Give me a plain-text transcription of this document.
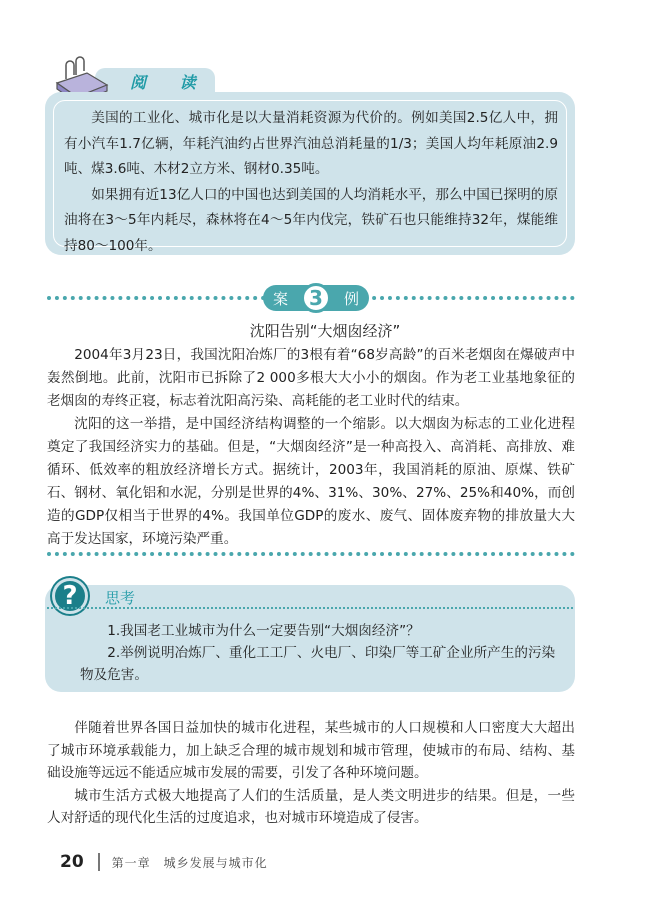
阅 读

美国的工业化、城市化是以大量消耗资源为代价的。例如美国2.5亿人中，拥有小汽车1.7亿辆，年耗汽油约占世界汽油总消耗量的1/3；美国人均年耗原油2.9吨、煤3.6吨、木材2立方米、钢材0.35吨。

如果拥有近13亿人口的中国也达到美国的人均消耗水平，那么中国已探明的原油将在3～5年内耗尽，森林将在4～5年内伐完，铁矿石也只能维持32年，煤能维持80～100年。

案	3	例
沈阳告别“大烟囱经济”

2004年3月23日，我国沈阳冶炼厂的3根有着“68岁高龄”的百米老烟囱在爆破声中轰然倒地。此前，沈阳市已拆除了2 000多根大大小小的烟囱。作为老工业基地象征的老烟囱的寿终正寝，标志着沈阳高污染、高耗能的老工业时代的结束。

沈阳的这一举措，是中国经济结构调整的一个缩影。以大烟囱为标志的工业化进程奠定了我国经济实力的基础。但是，“大烟囱经济”是一种高投入、高消耗、高排放、难循环、低效率的粗放经济增长方式。据统计，2003年，我国消耗的原油、原煤、铁矿石、钢材、氧化铝和水泥，分别是世界的4%、31%、30%、27%、25%和40%，而创造的GDP仅相当于世界的4%。我国单位GDP的废水、废气、固体废弃物的排放量大大高于发达国家，环境污染严重。

?	思考

1.我国老工业城市为什么一定要告别“大烟囱经济”？

2.举例说明冶炼厂、重化工工厂、火电厂、印染厂等工矿企业所产生的污染物及危害。

伴随着世界各国日益加快的城市化进程，某些城市的人口规模和人口密度大大超出了城市环境承载能力，加上缺乏合理的城市规划和城市管理，使城市的布局、结构、基础设施等远远不能适应城市发展的需要，引发了各种环境问题。

城市生活方式极大地提高了人们的生活质量，是人类文明进步的结果。但是，一些人对舒适的现代化生活的过度追求，也对城市环境造成了侵害。

20 第一章　城乡发展与城市化
